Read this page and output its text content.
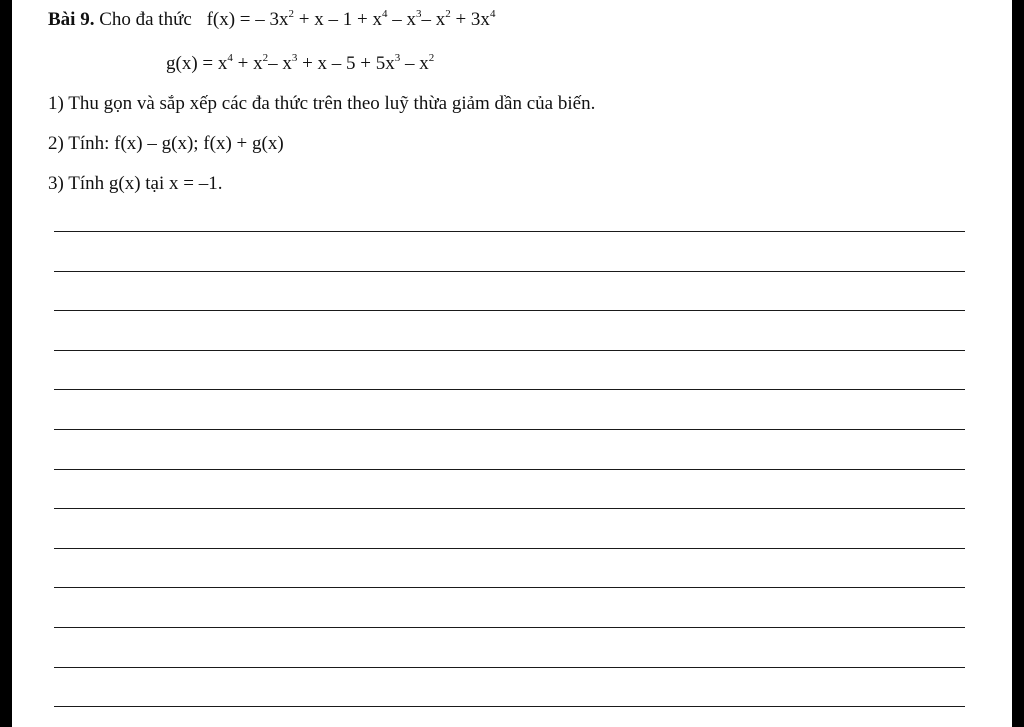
Bài 9. Cho đa thức f(x) = – $3x^2 + x - 1 + x^4 - x^3-$ $x^2 + 3x^4$
$g(x) = x^4 + x^2-$ $x^3 + x - 5 + 5x^3 - x^2$
1) Thu gọn và sắp xếp các đa thức trên theo luỹ thừa giảm dần của biến.
2) Tính: f(x) – g(x); f(x) + g(x)
3) Tính g(x) tại x = –1.
